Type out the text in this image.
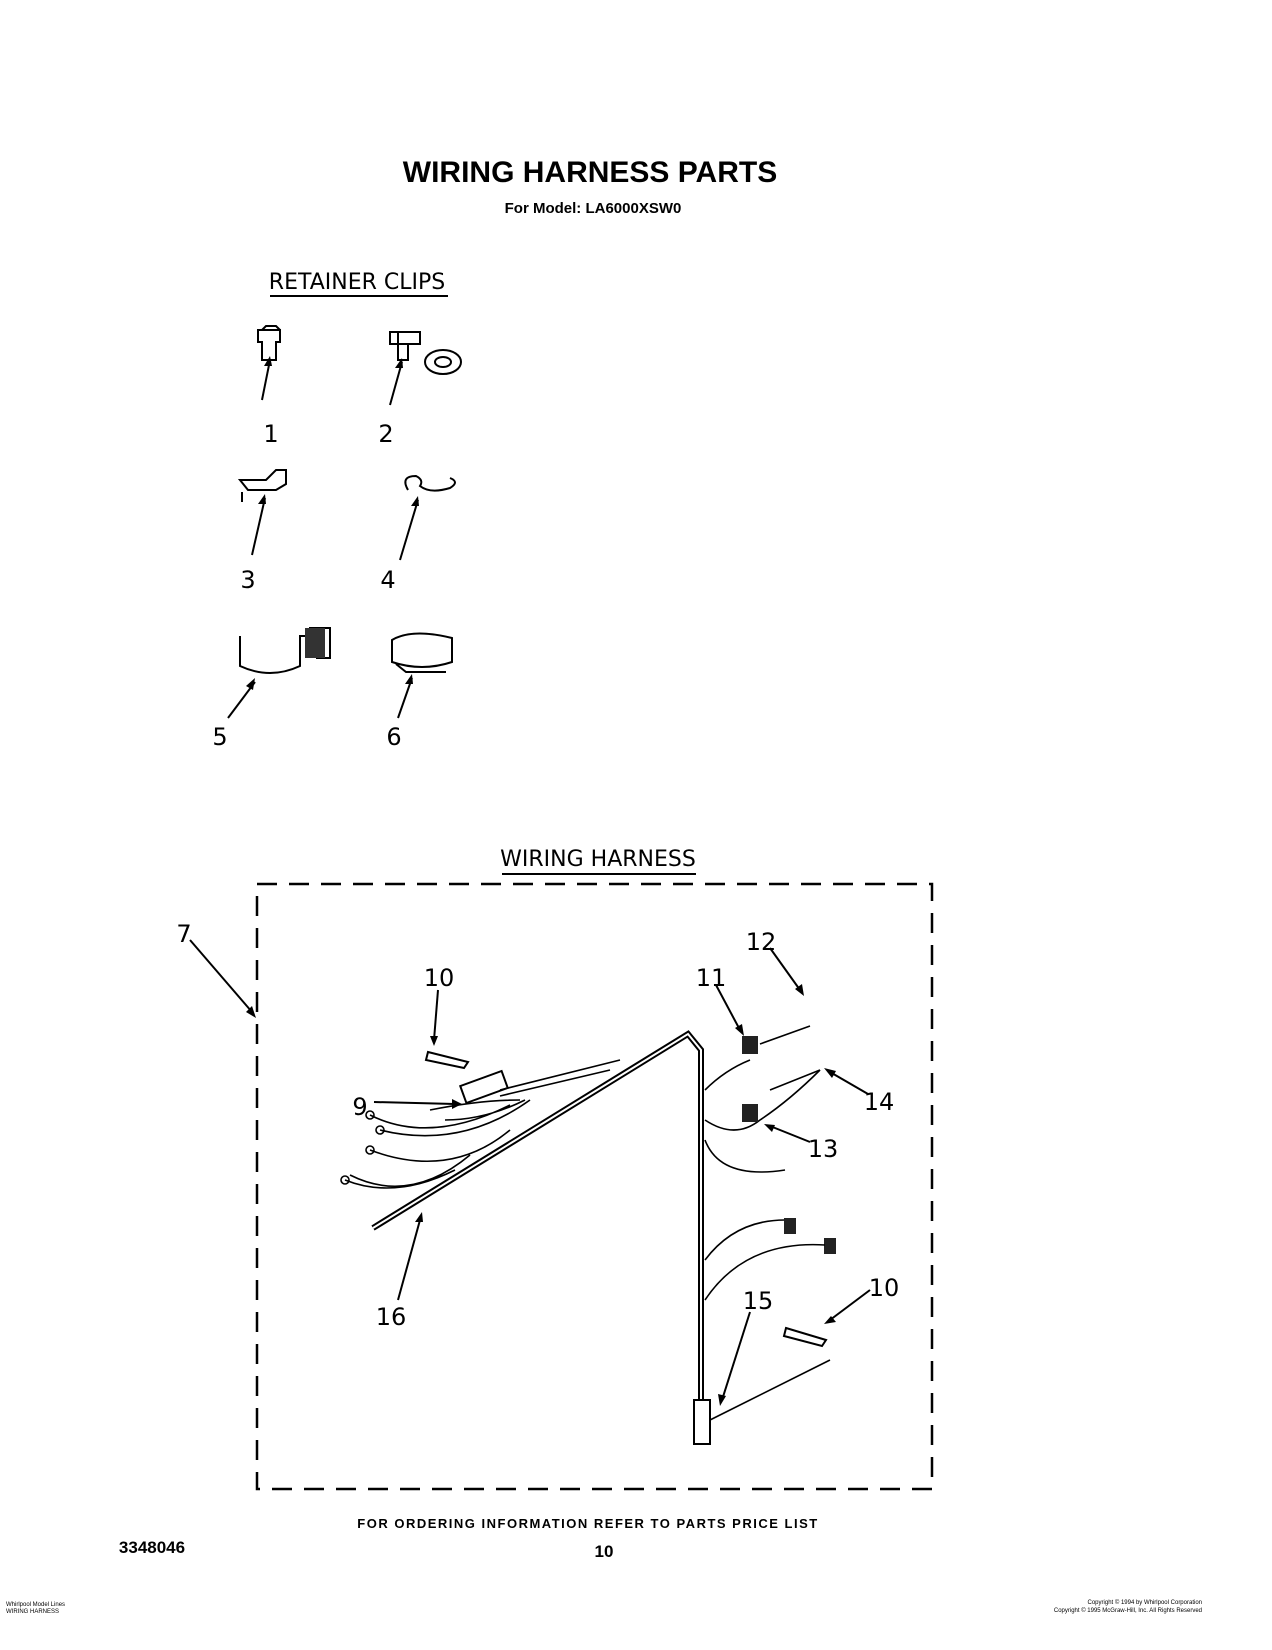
WIRING HARNESS PARTS
For Model: LA6000XSW0
RETAINER CLIPS
1	2
3	4
5	6
WIRING HARNESS
7
10
12
11
9	14
13
16
15	10
FOR ORDERING INFORMATION REFER TO PARTS PRICE LIST
10
3348046
Whirlpool Model Lines
WIRING HARNESS
Copyright © 1994 by Whirlpool Corporation
Copyright © 1995 McGraw-Hill, Inc. All Rights Reserved
